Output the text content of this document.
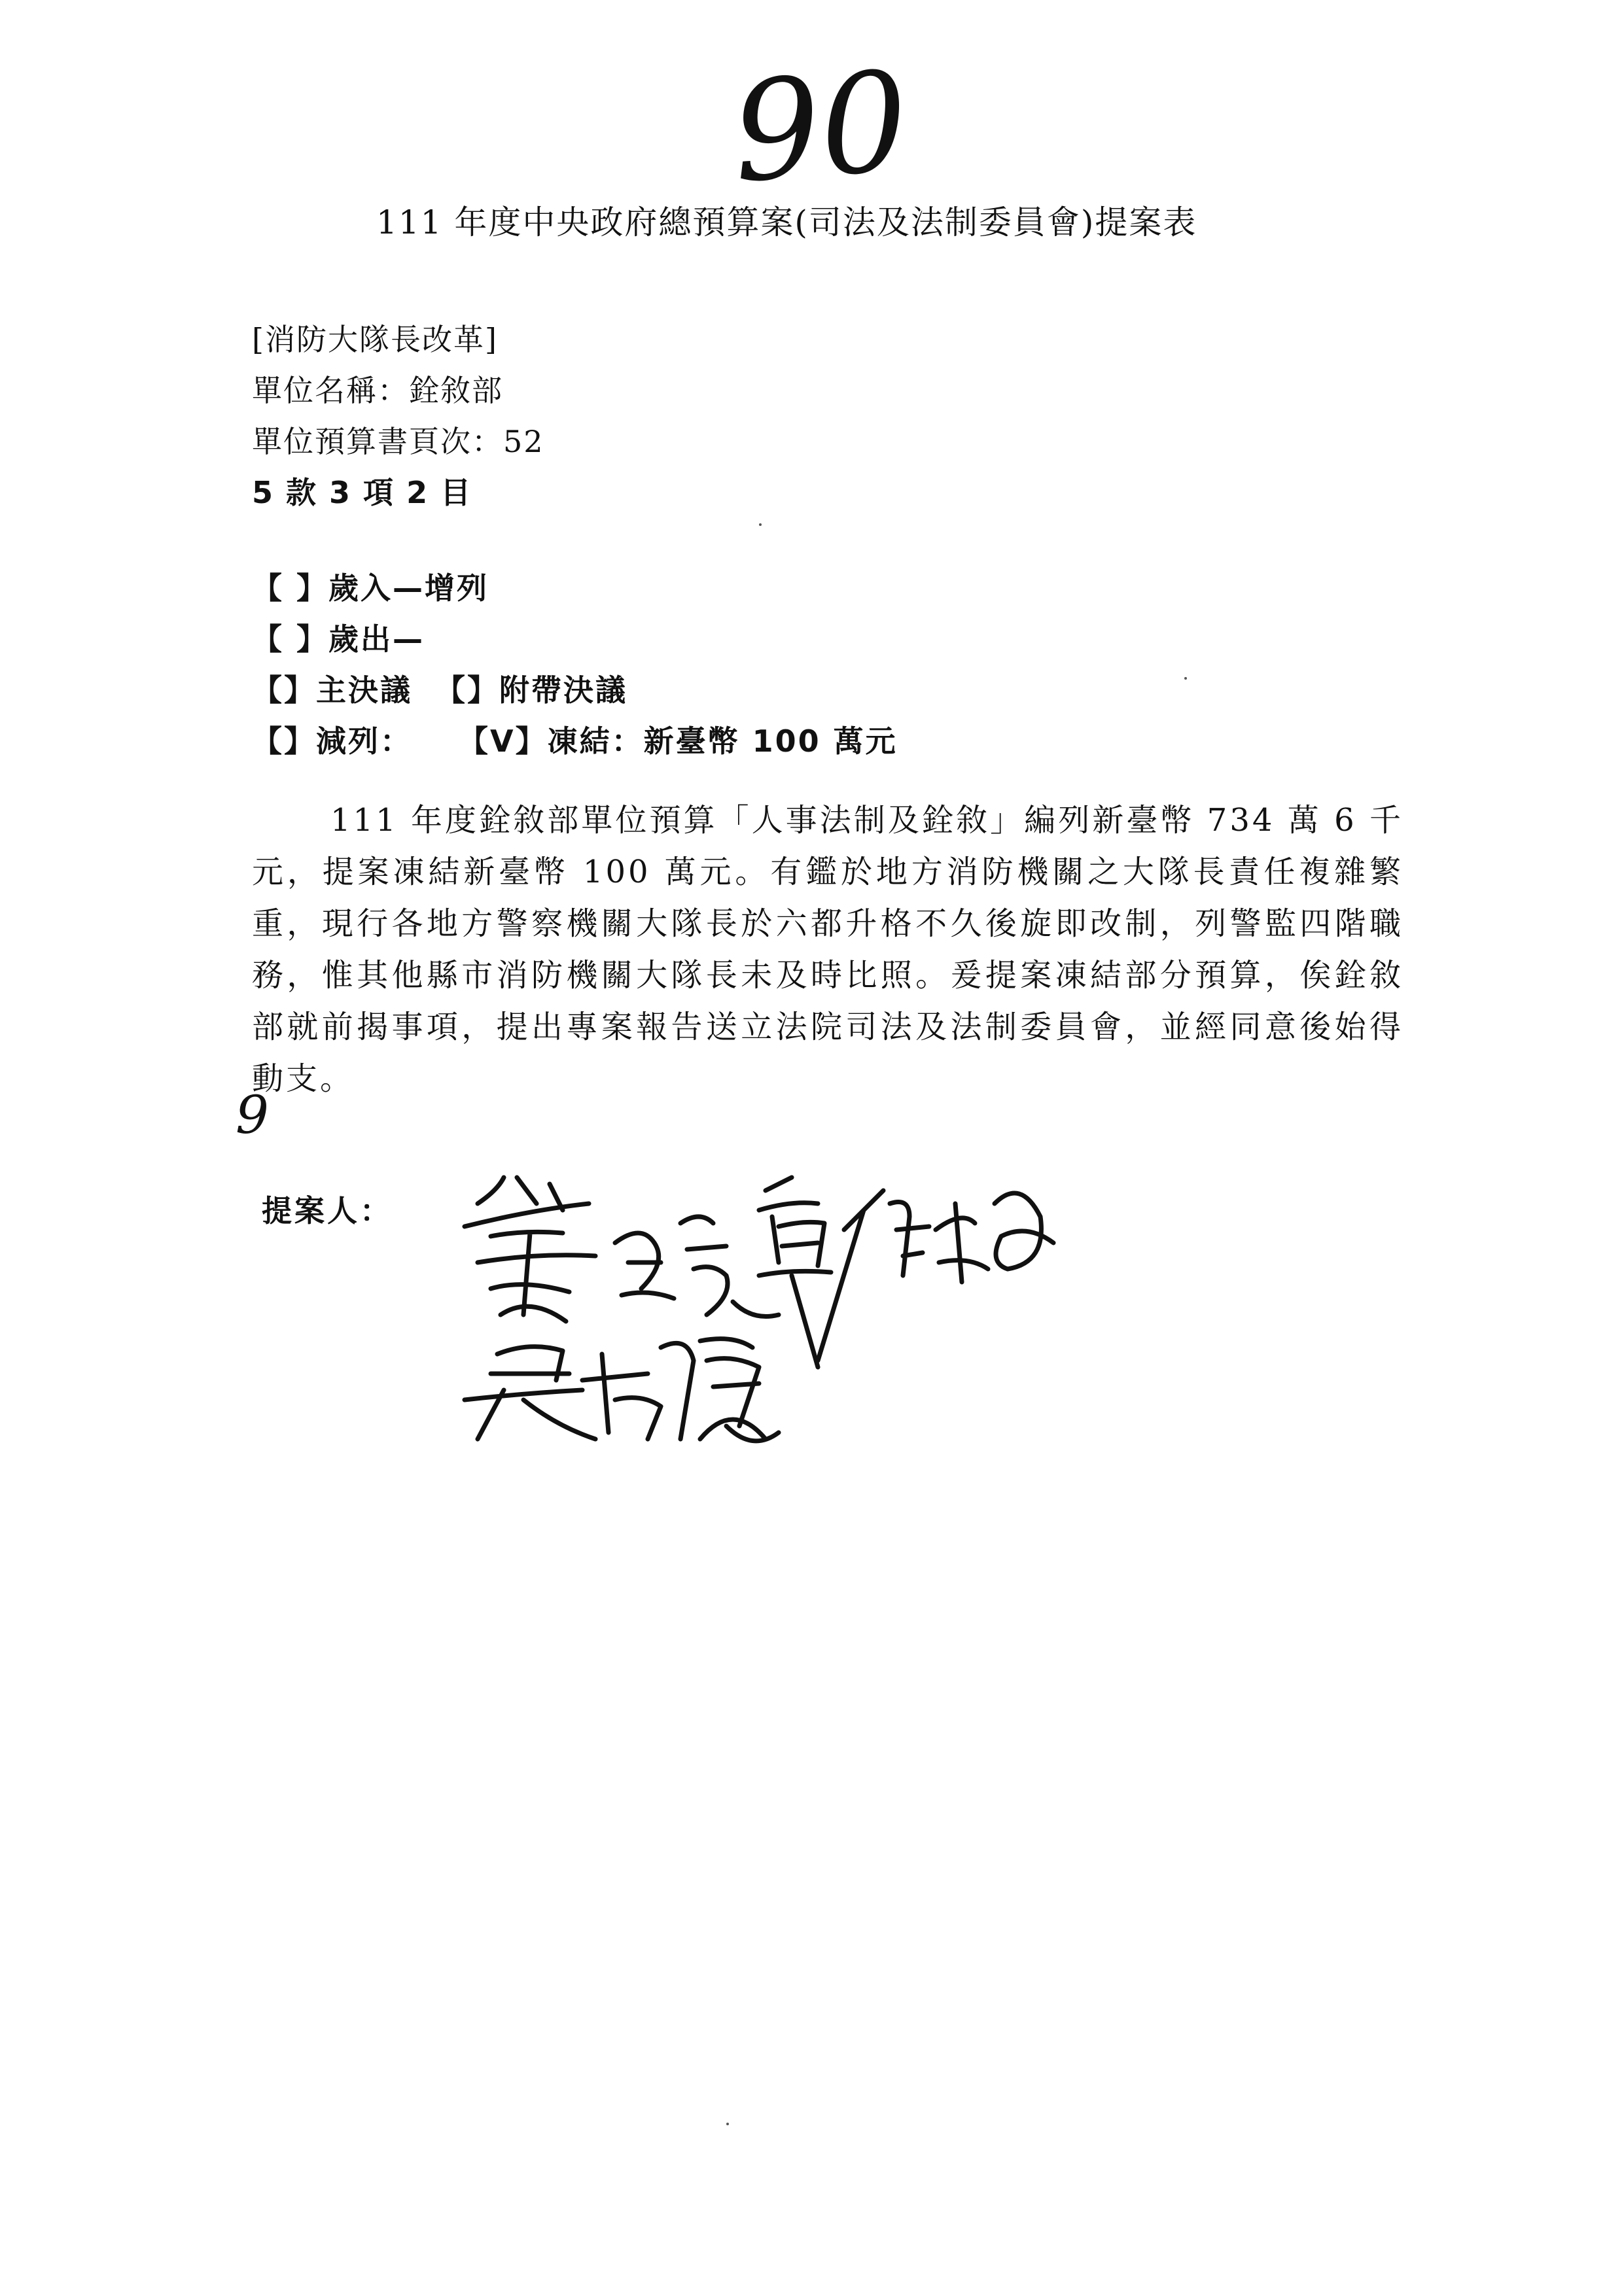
90
111 年度中央政府總預算案(司法及法制委員會)提案表
[消防大隊長改革]
單位名稱：銓敘部
單位預算書頁次：52
5 款 3 項 2 目
【 】歲入—增列
【 】歲出—
【】主決議 【】附帶決議
【】減列： 【V】凍結：新臺幣 100 萬元
111 年度銓敘部單位預算「人事法制及銓敘」編列新臺幣 734 萬 6 千元，提案凍結新臺幣 100 萬元。有鑑於地方消防機關之大隊長責任複雜繁重，現行各地方警察機關大隊長於六都升格不久後旋即改制，列警監四階職務，惟其他縣市消防機關大隊長未及時比照。爰提案凍結部分預算，俟銓敘部就前揭事項，提出專案報告送立法院司法及法制委員會，並經同意後始得動支。
9
提案人：
